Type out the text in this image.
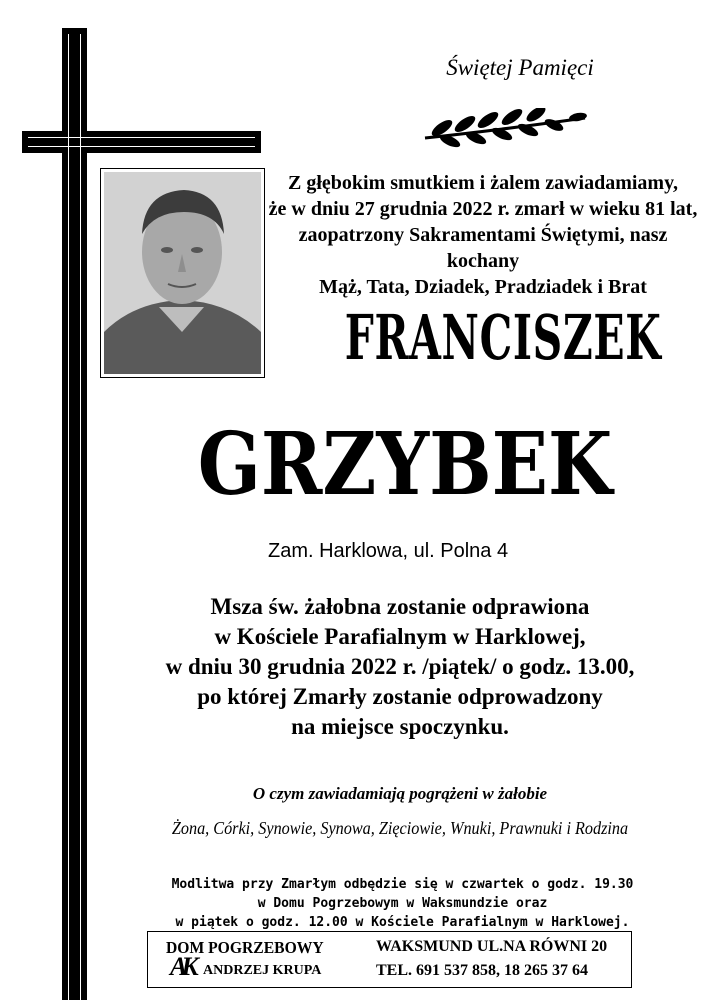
Świętej Pamięci
Z głębokim smutkiem i żalem zawiadamiamy,
że w dniu 27 grudnia 2022 r. zmarł w wieku 81 lat,
zaopatrzony Sakramentami Świętymi, nasz kochany
Mąż, Tata, Dziadek, Pradziadek i Brat
FRANCISZEK
GRZYBEK
Zam. Harklowa, ul. Polna 4
Msza św. żałobna zostanie odprawiona
w Kościele Parafialnym w Harklowej,
w dniu 30 grudnia 2022 r. /piątek/ o godz. 13.00,
po której Zmarły zostanie odprowadzony
na miejsce spoczynku.
O czym zawiadamiają pogrążeni w żałobie
Żona, Córki, Synowie, Synowa, Zięciowie, Wnuki, Prawnuki i Rodzina
Modlitwa przy Zmarłym odbędzie się w czwartek o godz. 19.30
w Domu Pogrzebowym w Waksmundzie oraz
w piątek o godz. 12.00 w Kościele Parafialnym w Harklowej.
DOM POGRZEBOWY
AK ANDRZEJ KRUPA
WAKSMUND UL.NA RÓWNI 20
TEL. 691 537 858, 18 265 37 64
